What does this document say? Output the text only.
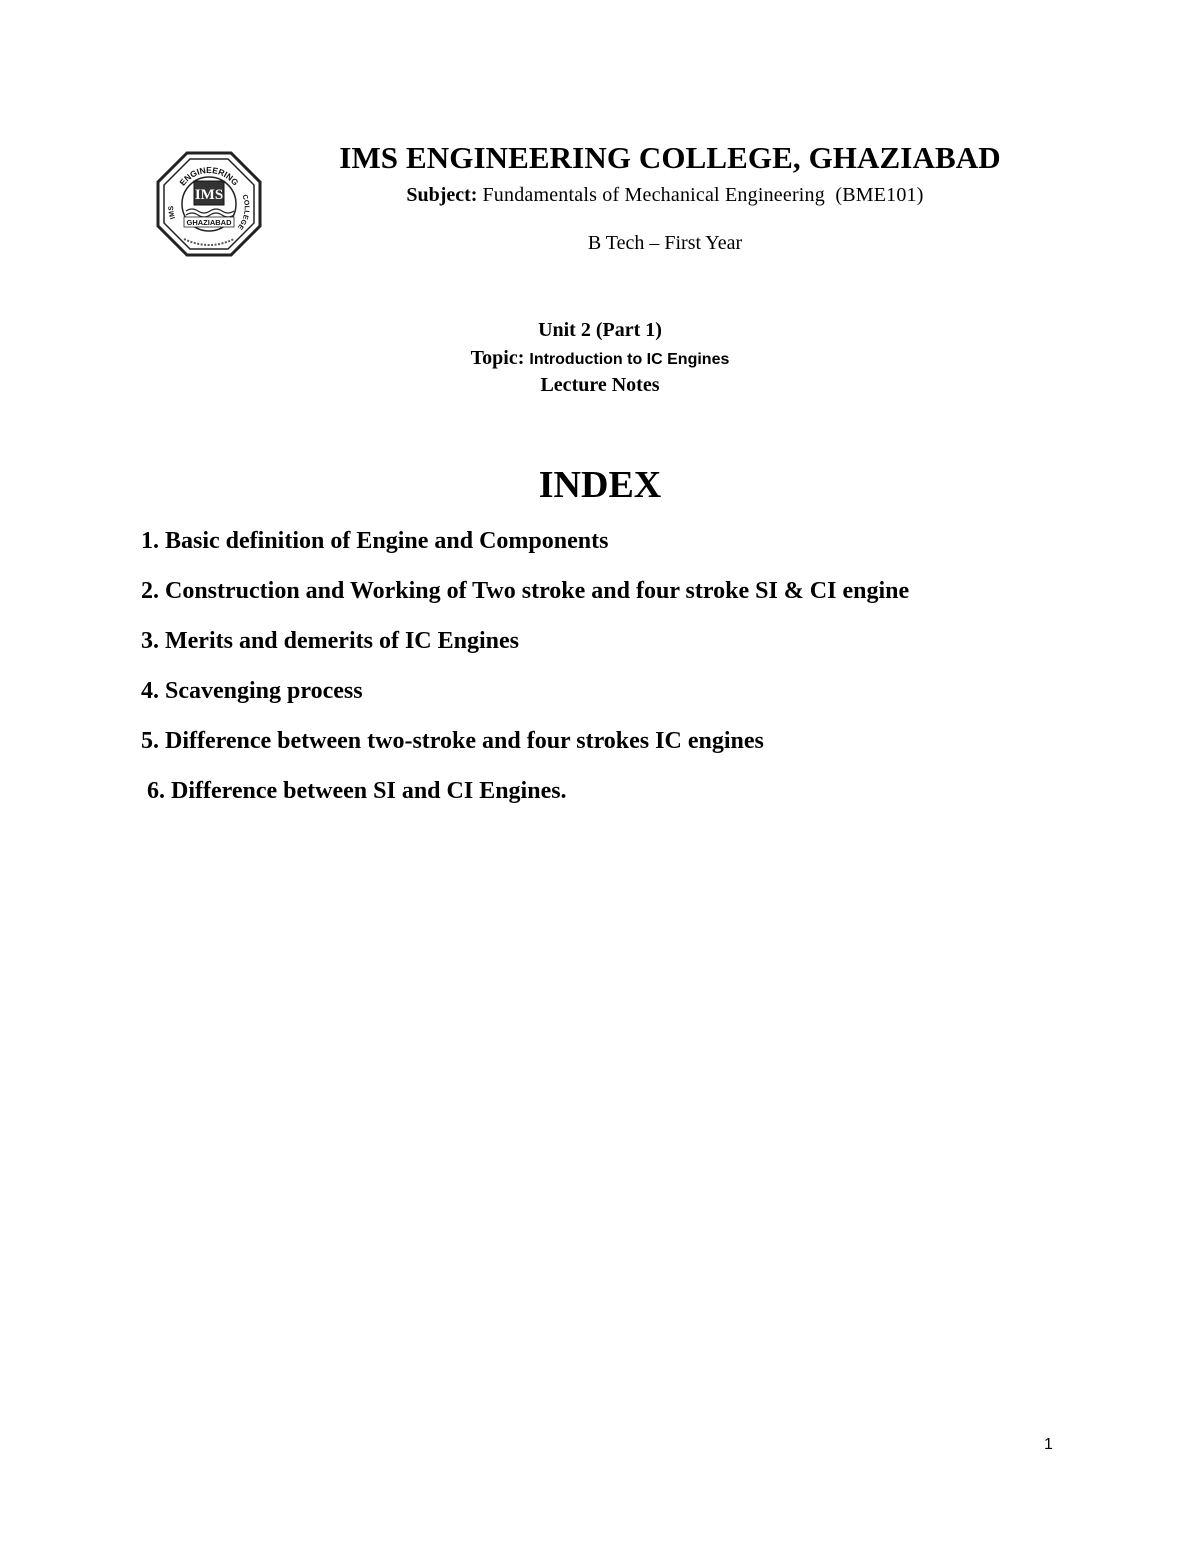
ENGINEERING
IMS
COLLEGE
IMS
GHAZIABAD
IMS ENGINEERING COLLEGE, GHAZIABAD
Subject: Fundamentals of Mechanical Engineering  (BME101)
B Tech – First Year
Unit 2 (Part 1)
Topic: Introduction to IC Engines
Lecture Notes
INDEX
1. Basic definition of Engine and Components
2. Construction and Working of Two stroke and four stroke SI & CI engine
3. Merits and demerits of IC Engines
4. Scavenging process
5. Difference between two-stroke and four strokes IC engines
6. Difference between SI and CI Engines.
1
